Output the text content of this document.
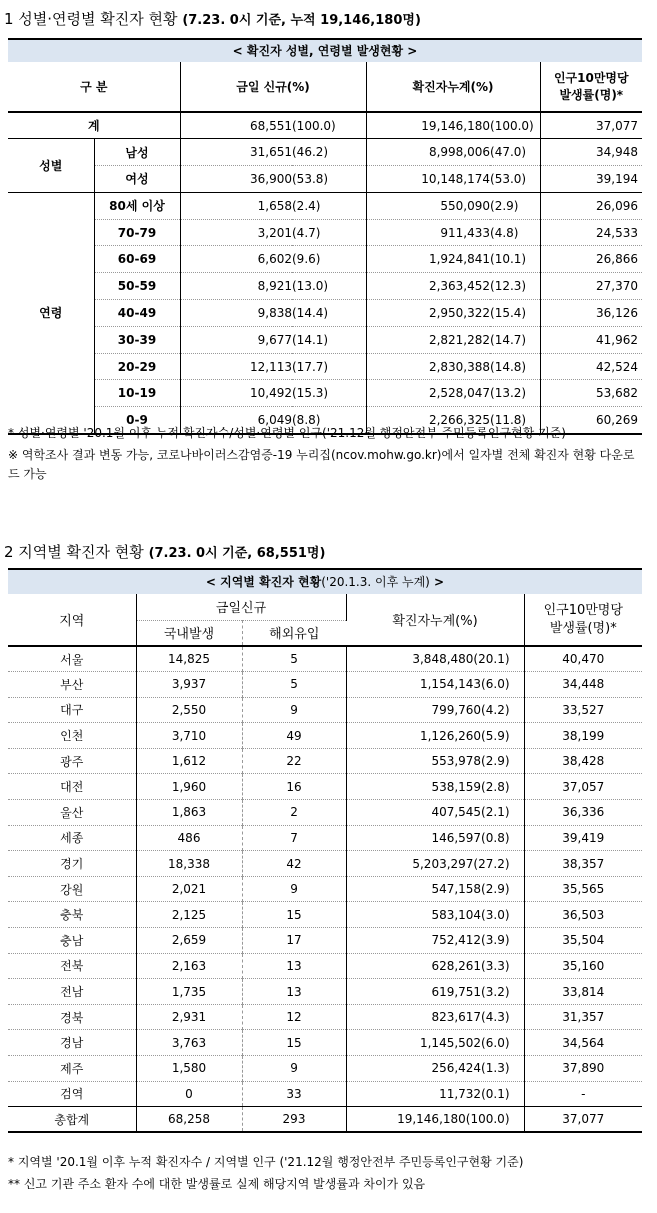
1 성별·연령별 확진자 현황 (7.23. 0시 기준, 누적 19,146,180명)
< 확진자 성별, 연령별 발생현황 >
구 분		금일 신규(%)		확진자누계(%)		인구10만명당
발생률(명)*
계		68,551	(100.0)	19,146,180	(100.0)	37,077
성별	남성	31,651	(46.2)	8,998,006	(47.0)	34,948
	여성	36,900	(53.8)	10,148,174	(53.0)	39,194
연령	80세 이상	1,658	(2.4)	550,090	(2.9)	26,096
	70-79	3,201	(4.7)	911,433	(4.8)	24,533
	60-69	6,602	(9.6)	1,924,841	(10.1)	26,866
	50-59	8,921	(13.0)	2,363,452	(12.3)	27,370
	40-49	9,838	(14.4)	2,950,322	(15.4)	36,126
	30-39	9,677	(14.1)	2,821,282	(14.7)	41,962
	20-29	12,113	(17.7)	2,830,388	(14.8)	42,524
	10-19	10,492	(15.3)	2,528,047	(13.2)	53,682
	0-9	6,049	(8.8)	2,266,325	(11.8)	60,269
* 성별·연령별 '20.1월 이후 누적 확진자수/성별·연령별 인구('21.12월 행정안전부 주민등록인구현황 기준)
※ 역학조사 결과 변동 가능, 코로나바이러스감염증-19 누리집(ncov.mohw.go.kr)에서 일자별 전체 확진자 현황 다운로드 가능
2 지역별 확진자 현황 (7.23. 0시 기준, 68,551명)
< 지역별 확진자 현황('20.1.3. 이후 누계) >
지역	금일신규		확진자누계(%)	인구10만명당
발생률(명)*
	국내발생	해외유입		
서울	14,825	5	3,848,480(20.1)	40,470
부산	3,937	5	1,154,143(6.0)	34,448
대구	2,550	9	799,760(4.2)	33,527
인천	3,710	49	1,126,260(5.9)	38,199
광주	1,612	22	553,978(2.9)	38,428
대전	1,960	16	538,159(2.8)	37,057
울산	1,863	2	407,545(2.1)	36,336
세종	486	7	146,597(0.8)	39,419
경기	18,338	42	5,203,297(27.2)	38,357
강원	2,021	9	547,158(2.9)	35,565
충북	2,125	15	583,104(3.0)	36,503
충남	2,659	17	752,412(3.9)	35,504
전북	2,163	13	628,261(3.3)	35,160
전남	1,735	13	619,751(3.2)	33,814
경북	2,931	12	823,617(4.3)	31,357
경남	3,763	15	1,145,502(6.0)	34,564
제주	1,580	9	256,424(1.3)	37,890
검역	0	33	11,732(0.1)	-
총합계	68,258	293	19,146,180(100.0)	37,077
* 지역별 '20.1월 이후 누적 확진자수 / 지역별 인구 ('21.12월 행정안전부 주민등록인구현황 기준)
** 신고 기관 주소 환자 수에 대한 발생률로 실제 해당지역 발생률과 차이가 있음
